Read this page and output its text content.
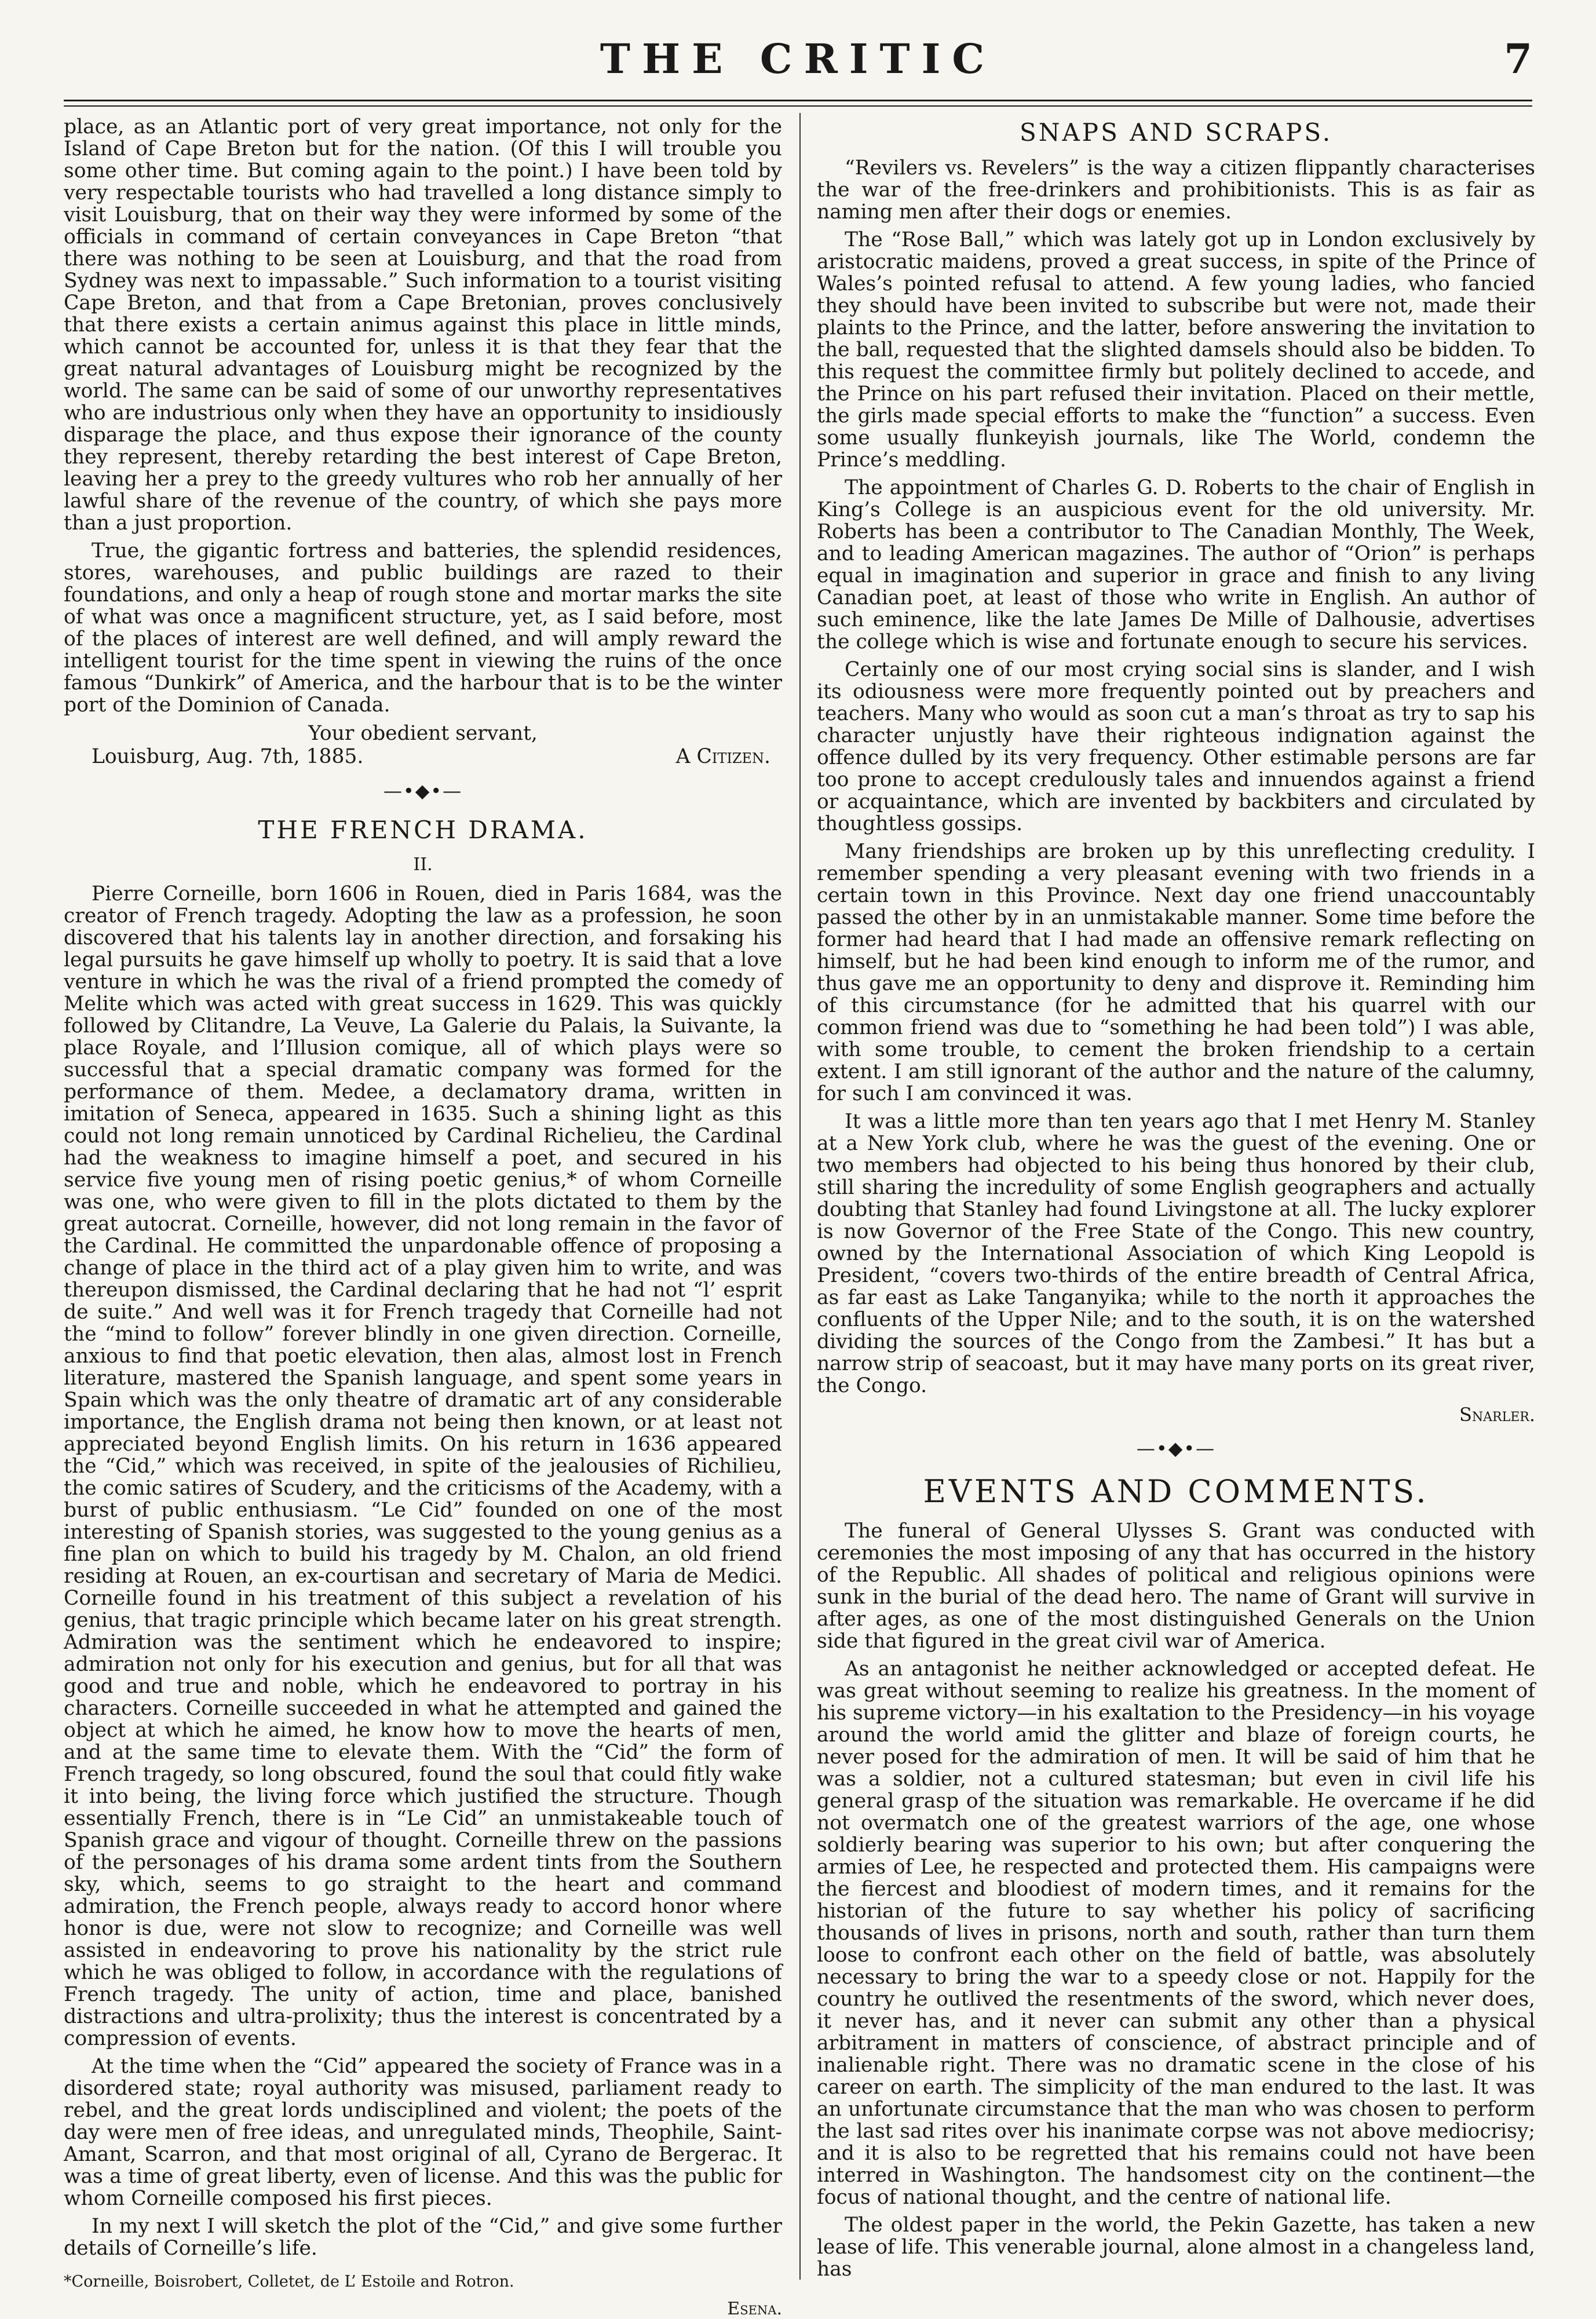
THE CRITIC	7

place, as an Atlantic port of very great importance, not only for the Island of Cape Breton but for the nation. (Of this I will trouble you some other time. But coming again to the point.) I have been told by very respectable tourists who had travelled a long distance simply to visit Louisburg, that on their way they were informed by some of the officials in command of certain conveyances in Cape Breton “that there was nothing to be seen at Louisburg, and that the road from Sydney was next to impassable.” Such information to a tourist visiting Cape Breton, and that from a Cape Bretonian, proves conclusively that there exists a certain animus against this place in little minds, which cannot be accounted for, unless it is that they fear that the great natural advantages of Louisburg might be recognized by the world. The same can be said of some of our unworthy representatives who are industrious only when they have an opportunity to insidiously disparage the place, and thus expose their ignorance of the county they represent, thereby retarding the best interest of Cape Breton, leaving her a prey to the greedy vultures who rob her annually of her lawful share of the revenue of the country, of which she pays more than a just proportion.

True, the gigantic fortress and batteries, the splendid residences, stores, warehouses, and public buildings are razed to their foundations, and only a heap of rough stone and mortar marks the site of what was once a magnificent structure, yet, as I said before, most of the places of interest are well defined, and will amply reward the intelligent tourist for the time spent in viewing the ruins of the once famous “Dunkirk” of America, and the harbour that is to be the winter port of the Dominion of Canada.

Your obedient servant,
Louisburg, Aug. 7th, 1885.	A Citizen.
—•◆•—
THE FRENCH DRAMA.
II.

Pierre Corneille, born 1606 in Rouen, died in Paris 1684, was the creator of French tragedy. Adopting the law as a profession, he soon discovered that his talents lay in another direction, and forsaking his legal pursuits he gave himself up wholly to poetry. It is said that a love venture in which he was the rival of a friend prompted the comedy of Melite which was acted with great success in 1629. This was quickly followed by Clitandre, La Veuve, La Galerie du Palais, la Suivante, la place Royale, and l’Illusion comique, all of which plays were so successful that a special dramatic company was formed for the performance of them. Medee, a declamatory drama, written in imitation of Seneca, appeared in 1635. Such a shining light as this could not long remain unnoticed by Cardinal Richelieu, the Cardinal had the weakness to imagine himself a poet, and secured in his service five young men of rising poetic genius,* of whom Corneille was one, who were given to fill in the plots dictated to them by the great autocrat. Corneille, however, did not long remain in the favor of the Cardinal. He committed the unpardonable offence of proposing a change of place in the third act of a play given him to write, and was thereupon dismissed, the Cardinal declaring that he had not “l’ esprit de suite.” And well was it for French tragedy that Corneille had not the “mind to follow” forever blindly in one given direction. Corneille, anxious to find that poetic elevation, then alas, almost lost in French literature, mastered the Spanish language, and spent some years in Spain which was the only theatre of dramatic art of any considerable importance, the English drama not being then known, or at least not appreciated beyond English limits. On his return in 1636 appeared the “Cid,” which was received, in spite of the jealousies of Richilieu, the comic satires of Scudery, and the criticisms of the Academy, with a burst of public enthusiasm. “Le Cid” founded on one of the most interesting of Spanish stories, was suggested to the young genius as a fine plan on which to build his tragedy by M. Chalon, an old friend residing at Rouen, an ex-courtisan and secretary of Maria de Medici. Corneille found in his treatment of this subject a revelation of his genius, that tragic principle which became later on his great strength. Admiration was the sentiment which he endeavored to inspire; admiration not only for his execution and genius, but for all that was good and true and noble, which he endeavored to portray in his characters. Corneille succeeded in what he attempted and gained the object at which he aimed, he know how to move the hearts of men, and at the same time to elevate them. With the “Cid” the form of French tragedy, so long obscured, found the soul that could fitly wake it into being, the living force which justified the structure. Though essentially French, there is in “Le Cid” an unmistakeable touch of Spanish grace and vigour of thought. Corneille threw on the passions of the personages of his drama some ardent tints from the Southern sky, which, seems to go straight to the heart and command admiration, the French people, always ready to accord honor where honor is due, were not slow to recognize; and Corneille was well assisted in endeavoring to prove his nationality by the strict rule which he was obliged to follow, in accordance with the regulations of French tragedy. The unity of action, time and place, banished distractions and ultra-prolixity; thus the interest is concentrated by a compression of events.

At the time when the “Cid” appeared the society of France was in a disordered state; royal authority was misused, parliament ready to rebel, and the great lords undisciplined and violent; the poets of the day were men of free ideas, and unregulated minds, Theophile, Saint-Amant, Scarron, and that most original of all, Cyrano de Bergerac. It was a time of great liberty, even of license. And this was the public for whom Corneille composed his first pieces.

In my next I will sketch the plot of the “Cid,” and give some further details of Corneille’s life.

*Corneille, Boisrobert, Colletet, de L’ Estoile and Rotron.
Esena.
SNAPS AND SCRAPS.

“Revilers vs. Revelers” is the way a citizen flippantly characterises the war of the free-drinkers and prohibitionists. This is as fair as naming men after their dogs or enemies.

The “Rose Ball,” which was lately got up in London exclusively by aristocratic maidens, proved a great success, in spite of the Prince of Wales’s pointed refusal to attend. A few young ladies, who fancied they should have been invited to subscribe but were not, made their plaints to the Prince, and the latter, before answering the invitation to the ball, requested that the slighted damsels should also be bidden. To this request the committee firmly but politely declined to accede, and the Prince on his part refused their invitation. Placed on their mettle, the girls made special efforts to make the “function” a success. Even some usually flunkeyish journals, like The World, condemn the Prince’s meddling.

The appointment of Charles G. D. Roberts to the chair of English in King’s College is an auspicious event for the old university. Mr. Roberts has been a contributor to The Canadian Monthly, The Week, and to leading American magazines. The author of “Orion” is perhaps equal in imagination and superior in grace and finish to any living Canadian poet, at least of those who write in English. An author of such eminence, like the late James De Mille of Dalhousie, advertises the college which is wise and fortunate enough to secure his services.

Certainly one of our most crying social sins is slander, and I wish its odiousness were more frequently pointed out by preachers and teachers. Many who would as soon cut a man’s throat as try to sap his character unjustly have their righteous indignation against the offence dulled by its very frequency. Other estimable persons are far too prone to accept credulously tales and innuendos against a friend or acquaintance, which are invented by backbiters and circulated by thoughtless gossips.

Many friendships are broken up by this unreflecting credulity. I remember spending a very pleasant evening with two friends in a certain town in this Province. Next day one friend unaccountably passed the other by in an unmistakable manner. Some time before the former had heard that I had made an offensive remark reflecting on himself, but he had been kind enough to inform me of the rumor, and thus gave me an opportunity to deny and disprove it. Reminding him of this circumstance (for he admitted that his quarrel with our common friend was due to “something he had been told”) I was able, with some trouble, to cement the broken friendship to a certain extent. I am still ignorant of the author and the nature of the calumny, for such I am convinced it was.

It was a little more than ten years ago that I met Henry M. Stanley at a New York club, where he was the guest of the evening. One or two members had objected to his being thus honored by their club, still sharing the incredulity of some English geographers and actually doubting that Stanley had found Livingstone at all. The lucky explorer is now Governor of the Free State of the Congo. This new country, owned by the International Association of which King Leopold is President, “covers two-thirds of the entire breadth of Central Africa, as far east as Lake Tanganyika; while to the north it approaches the confluents of the Upper Nile; and to the south, it is on the watershed dividing the sources of the Congo from the Zambesi.” It has but a narrow strip of seacoast, but it may have many ports on its great river, the Congo.

Snarler.
—•◆•—
EVENTS AND COMMENTS.

The funeral of General Ulysses S. Grant was conducted with ceremonies the most imposing of any that has occurred in the history of the Republic. All shades of political and religious opinions were sunk in the burial of the dead hero. The name of Grant will survive in after ages, as one of the most distinguished Generals on the Union side that figured in the great civil war of America.

As an antagonist he neither acknowledged or accepted defeat. He was great without seeming to realize his greatness. In the moment of his supreme victory—in his exaltation to the Presidency—in his voyage around the world amid the glitter and blaze of foreign courts, he never posed for the admiration of men. It will be said of him that he was a soldier, not a cultured statesman; but even in civil life his general grasp of the situation was remarkable. He overcame if he did not overmatch one of the greatest warriors of the age, one whose soldierly bearing was superior to his own; but after conquering the armies of Lee, he respected and protected them. His campaigns were the fiercest and bloodiest of modern times, and it remains for the historian of the future to say whether his policy of sacrificing thousands of lives in prisons, north and south, rather than turn them loose to confront each other on the field of battle, was absolutely necessary to bring the war to a speedy close or not. Happily for the country he outlived the resentments of the sword, which never does, it never has, and it never can submit any other than a physical arbitrament in matters of conscience, of abstract principle and of inalienable right. There was no dramatic scene in the close of his career on earth. The simplicity of the man endured to the last. It was an unfortunate circumstance that the man who was chosen to perform the last sad rites over his inanimate corpse was not above mediocrisy; and it is also to be regretted that his remains could not have been interred in Washington. The handsomest city on the continent—the focus of national thought, and the centre of national life.

The oldest paper in the world, the Pekin Gazette, has taken a new lease of life. This venerable journal, alone almost in a changeless land, has
